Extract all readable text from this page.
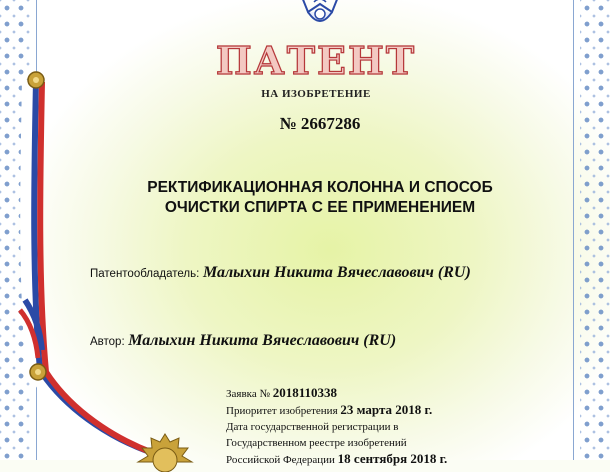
ПАТЕНТ
НА ИЗОБРЕТЕНИЕ
№ 2667286
РЕКТИФИКАЦИОННАЯ КОЛОННА И СПОСОБ
ОЧИСТКИ СПИРТА С ЕЕ ПРИМЕНЕНИЕМ
Патентообладатель: Малыхин Никита Вячеславович (RU)
Автор: Малыхин Никита Вячеславович (RU)
Заявка № 2018110338
Приоритет изобретения 23 марта 2018 г.
Дата государственной регистрации в
Государственном реестре изобретений
Российской Федерации 18 сентября 2018 г.
